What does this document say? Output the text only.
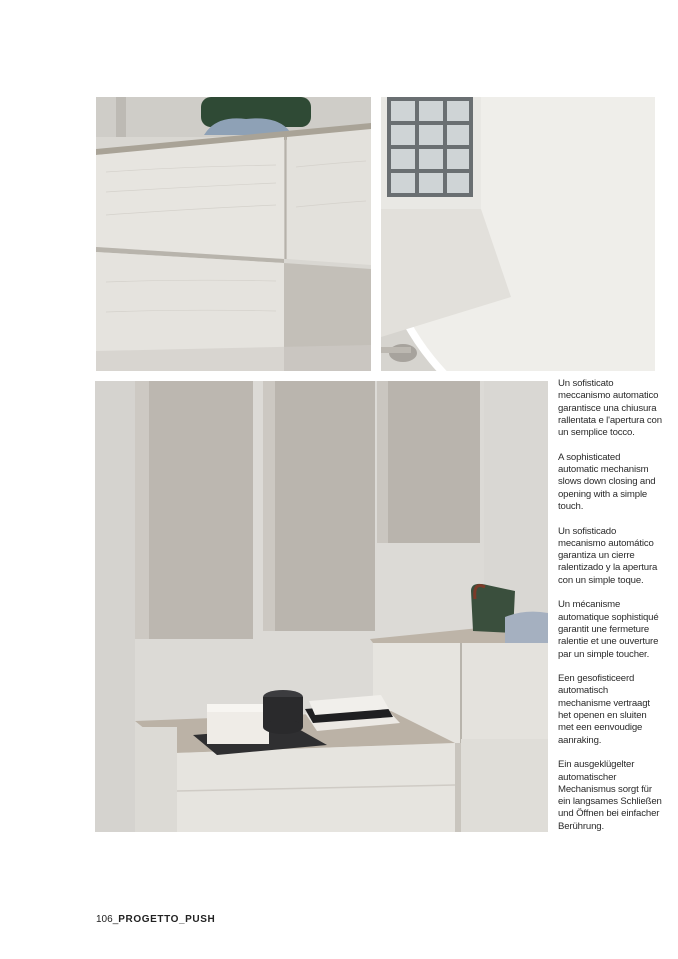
Un sofisticato meccanismo automatico garantisce una chiusura rallentata e l'apertura con un semplice tocco.

A sophisticated automatic mechanism slows down closing and opening with a simple touch.

Un sofisticado mecanismo automático garantiza un cierre ralentizado y la apertura con un simple toque.

Un mécanisme automatique sophistiqué garantit une fermeture ralentie et une ouverture par un simple toucher.

Een gesofisticeerd automatisch mechanisme vertraagt het openen en sluiten met een eenvoudige aanraking.

Ein ausgeklügelter automatischer Mechanismus sorgt für ein langsames Schließen und Öffnen bei einfacher Berührung.

106_PROGETTO_PUSH
